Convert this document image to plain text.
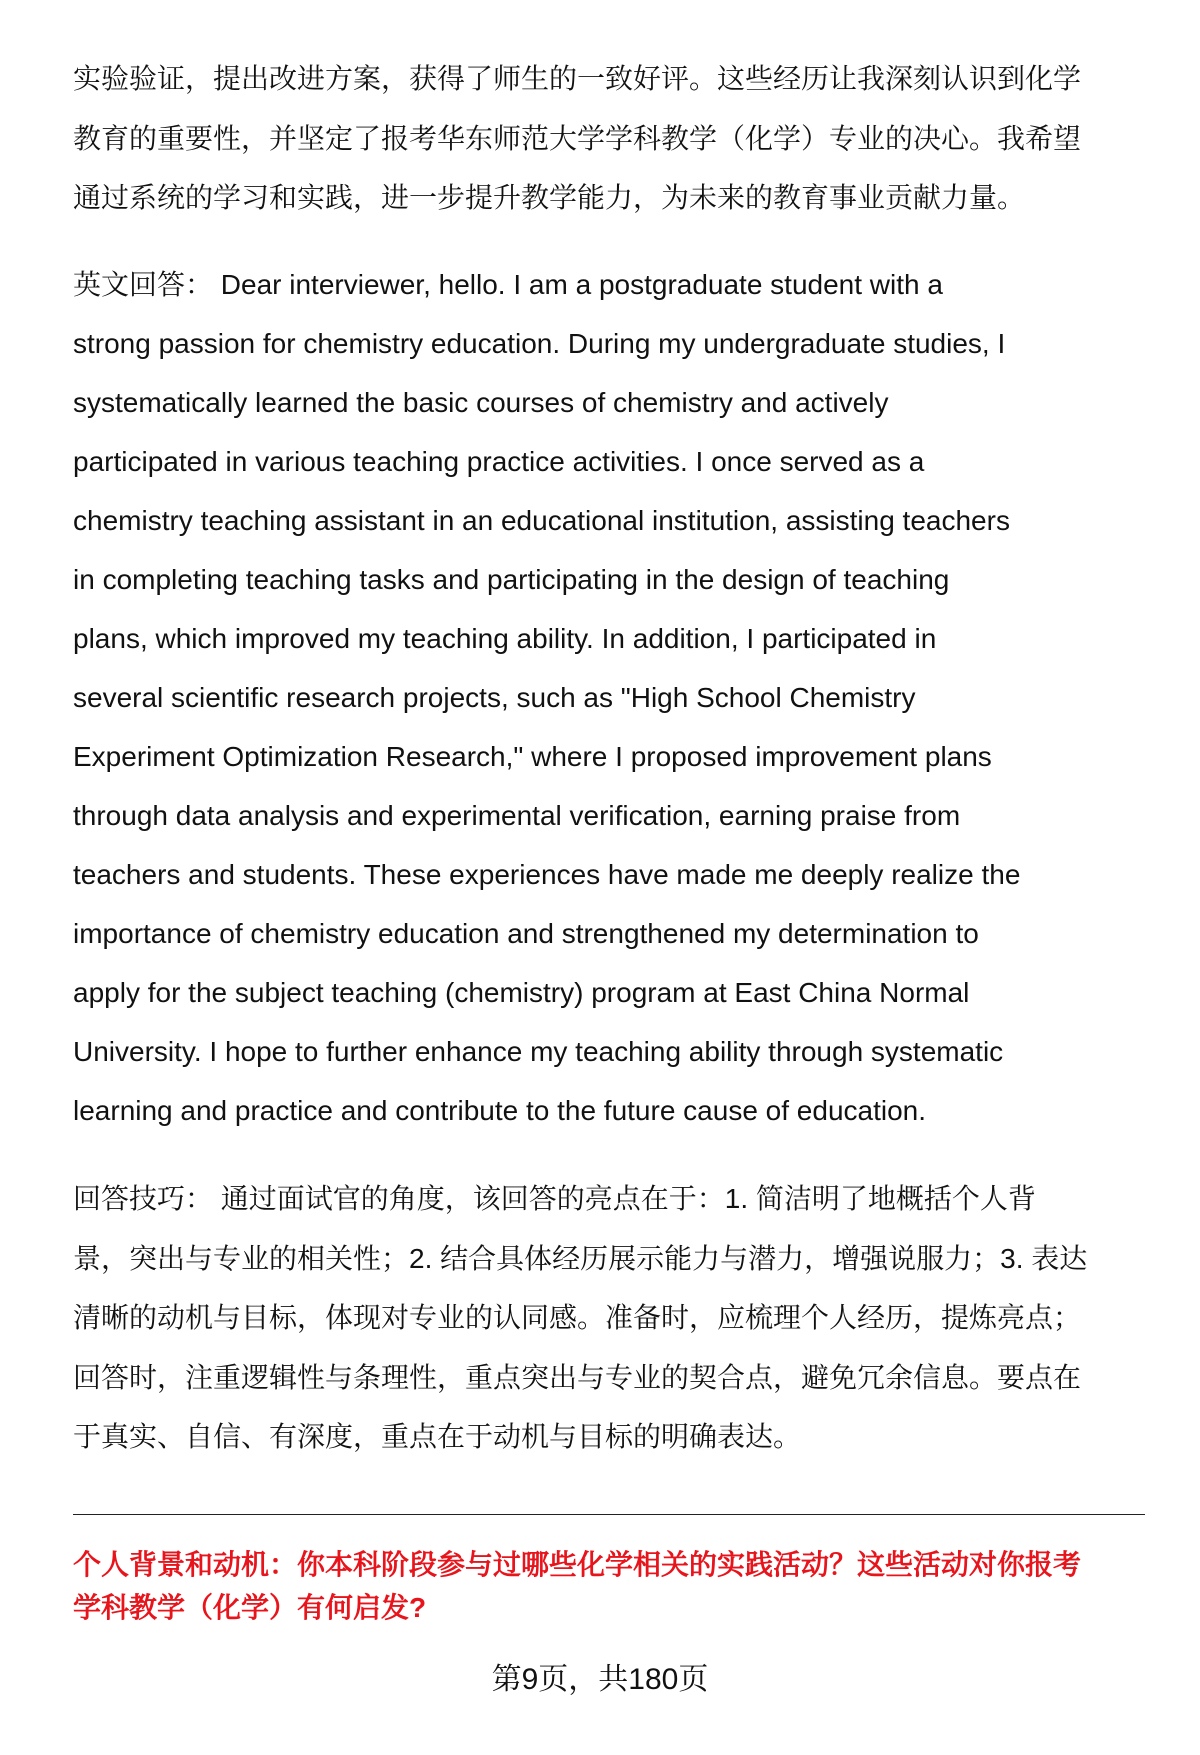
实验验证，提出改进方案，获得了师生的一致好评。这些经历让我深刻认识到化学
教育的重要性，并坚定了报考华东师范大学学科教学（化学）专业的决心。我希望
通过系统的学习和实践，进一步提升教学能力，为未来的教育事业贡献力量。
英文回答： Dear interviewer, hello. I am a postgraduate student with a
strong passion for chemistry education. During my undergraduate studies, I
systematically learned the basic courses of chemistry and actively
participated in various teaching practice activities. I once served as a
chemistry teaching assistant in an educational institution, assisting teachers
in completing teaching tasks and participating in the design of teaching
plans, which improved my teaching ability. In addition, I participated in
several scientific research projects, such as "High School Chemistry
Experiment Optimization Research," where I proposed improvement plans
through data analysis and experimental verification, earning praise from
teachers and students. These experiences have made me deeply realize the
importance of chemistry education and strengthened my determination to
apply for the subject teaching (chemistry) program at East China Normal
University. I hope to further enhance my teaching ability through systematic
learning and practice and contribute to the future cause of education.
回答技巧： 通过面试官的角度，该回答的亮点在于：1. 简洁明了地概括个人背
景，突出与专业的相关性；2. 结合具体经历展示能力与潜力，增强说服力；3. 表达
清晰的动机与目标，体现对专业的认同感。准备时，应梳理个人经历，提炼亮点；
回答时，注重逻辑性与条理性，重点突出与专业的契合点，避免冗余信息。要点在
于真实、自信、有深度，重点在于动机与目标的明确表达。
个人背景和动机：你本科阶段参与过哪些化学相关的实践活动？这些活动对你报考
学科教学（化学）有何启发?
第9页，共180页
